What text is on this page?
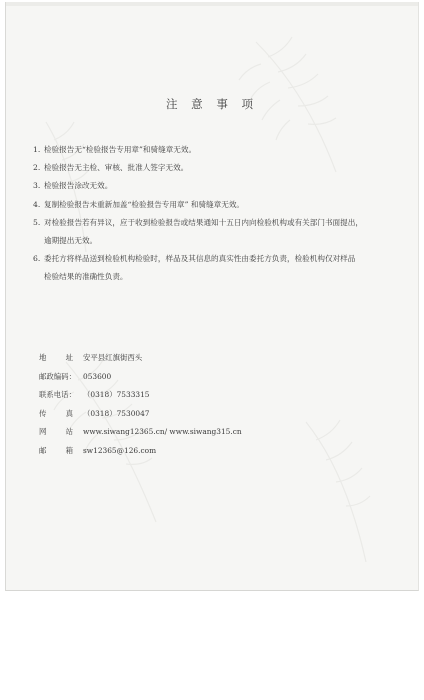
注 意 事 项
1. 检验报告无“检验报告专用章”和骑缝章无效。
2. 检验报告无主检、审核、批准人签字无效。
3. 检验报告涂改无效。
4. 复制检验报告未重新加盖“检验报告专用章” 和骑缝章无效。
5. 对检验报告若有异议，应于收到检验报告或结果通知十五日内向检验机构或有关部门书面提出，
逾期提出无效。
6. 委托方将样品送到检验机构检验时，样品及其信息的真实性由委托方负责，检验机构仅对样品
检验结果的准确性负责。
地	址 安平县红旗街西头
邮政编码： 053600
联系电话： （0318）7533315
传	真 （0318）7530047
网	站 www.siwang12365.cn/ www.siwang315.cn
邮	箱 sw12365@126.com
